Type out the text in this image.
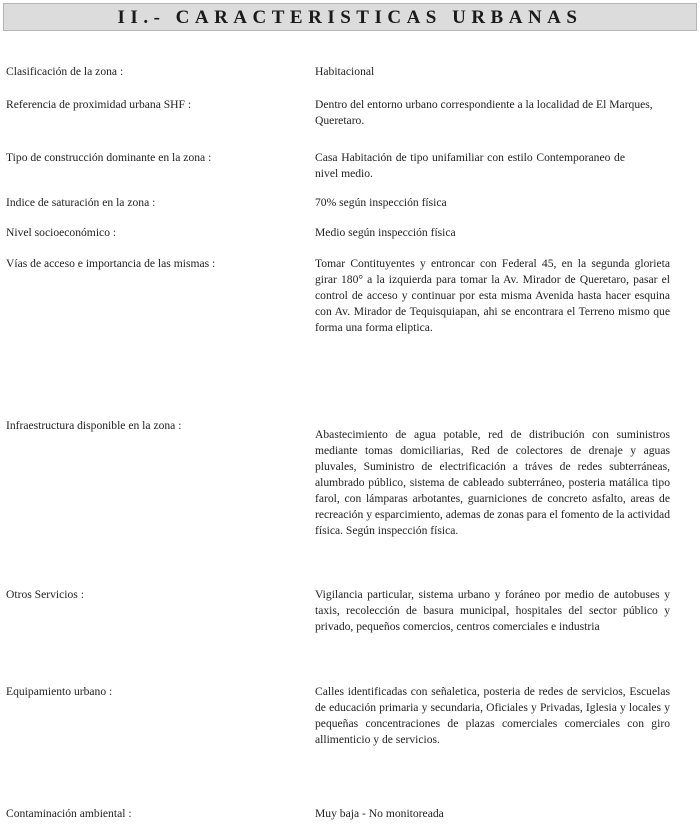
II.- CARACTERISTICAS URBANAS
Clasificación de la zona :	Habitacional
Referencia de proximidad urbana SHF :	Dentro del entorno urbano correspondiente a la localidad de El Marques, Queretaro.
Tipo de construcción dominante en la zona :	Casa Habitación de tipo unifamiliar con estilo Contemporaneo de nivel medio.
Indice de saturación en la zona :	70% según inspección física
Nivel socioeconómico :	Medio según inspección física
Vías de acceso e importancia de las mismas :	Tomar Contituyentes y entroncar con Federal 45, en la segunda glorieta girar 180° a la izquierda para tomar la Av. Mirador de Queretaro, pasar el control de acceso y continuar por esta misma Avenida hasta hacer esquina con Av. Mirador de Tequisquiapan, ahi se encontrara el Terreno mismo que forma una forma eliptica.
Infraestructura disponible en la zona :
Abastecimiento de agua potable, red de distribución con suministros mediante tomas domiciliarias, Red de colectores de drenaje y aguas pluvales, Suministro de electrificación a tráves de redes subterráneas, alumbrado público, sistema de cableado subterráneo, posteria matálica tipo farol, con lámparas arbotantes, guarniciones de concreto asfalto, areas de recreación y esparcimiento, ademas de zonas para el fomento de la actividad física. Según inspección física.
Otros Servicios :	Vigilancia particular, sistema urbano y foráneo por medio de autobuses y taxis, recolección de basura municipal, hospitales del sector público y privado, pequeños comercios, centros comerciales e industria
Equipamiento urbano :	Calles identificadas con señaletica, posteria de redes de servicios, Escuelas de educación primaria y secundaria, Oficiales y Privadas, Iglesia y locales y pequeñas concentraciones de plazas comerciales comerciales con giro allimenticio y de servicios.
Contaminación ambiental :	Muy baja - No monitoreada
